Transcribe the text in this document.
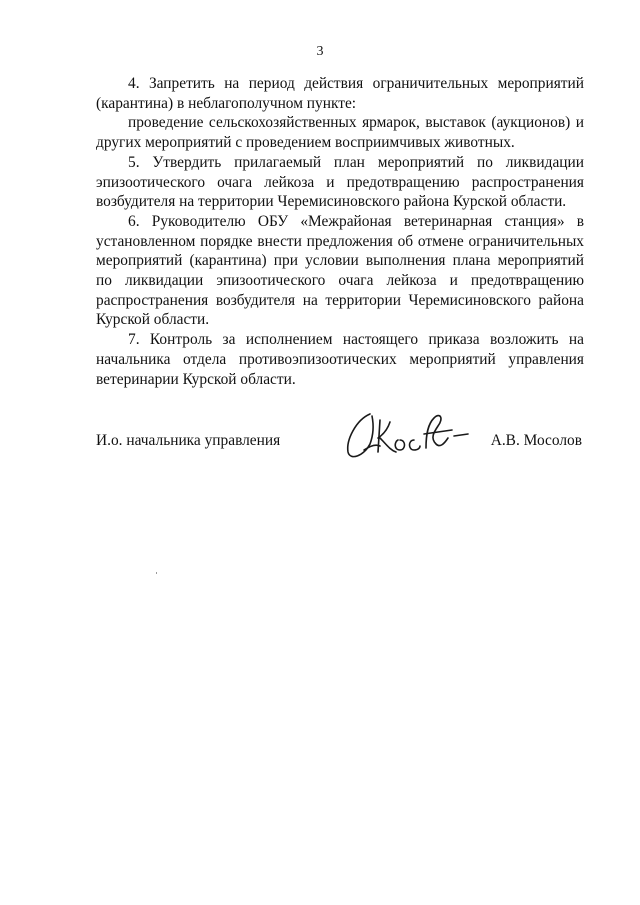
3

4. Запретить на период действия ограничительных мероприятий (карантина) в неблагополучном пункте:

проведение сельскохозяйственных ярмарок, выставок (аукционов) и других мероприятий с проведением восприимчивых животных.

5. Утвердить прилагаемый план мероприятий по ликвидации эпизоотического очага лейкоза и предотвращению распространения возбудителя на территории Черемисиновского района Курской области.

6. Руководителю ОБУ «Межрайоная ветеринарная станция» в установленном порядке внести предложения об отмене ограничительных мероприятий (карантина) при условии выполнения плана мероприятий по ликвидации эпизоотического очага лейкоза и предотвращению распространения возбудителя на территории Черемисиновского района Курской области.

7. Контроль за исполнением настоящего приказа возложить на начальника отдела противоэпизоотических мероприятий управления ветеринарии Курской области.

И.о. начальника управления	А.В. Мосолов
